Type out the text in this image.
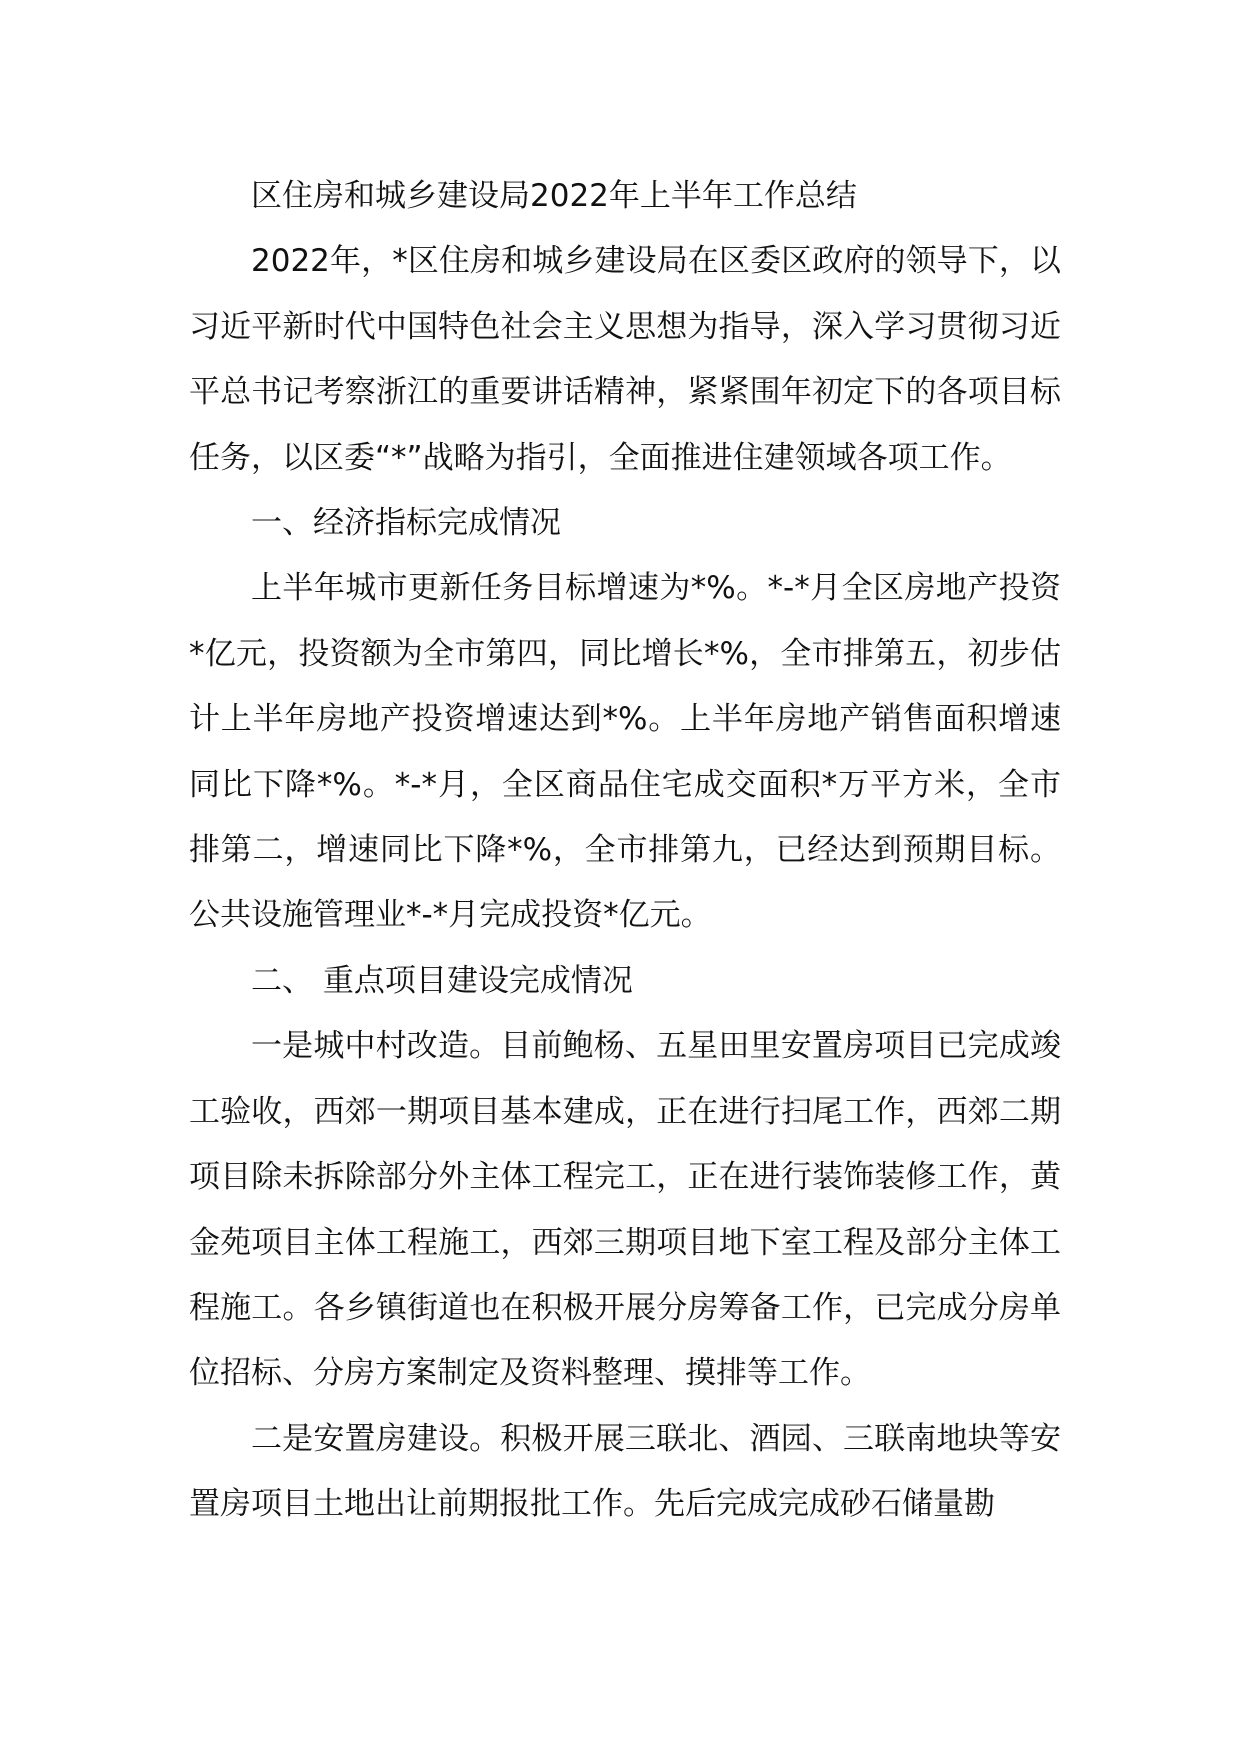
区住房和城乡建设局2022年上半年工作总结

2022年，*区住房和城乡建设局在区委区政府的领导下，以习近平新时代中国特色社会主义思想为指导，深入学习贯彻习近平总书记考察浙江的重要讲话精神，紧紧围年初定下的各项目标任务，以区委“*”战略为指引，全面推进住建领域各项工作。

一、经济指标完成情况

上半年城市更新任务目标增速为*%。*-*月全区房地产投资*亿元，投资额为全市第四，同比增长*%，全市排第五，初步估计上半年房地产投资增速达到*%。上半年房地产销售面积增速同比下降*%。*-*月，全区商品住宅成交面积*万平方米，全市排第二，增速同比下降*%，全市排第九，已经达到预期目标。公共设施管理业*-*月完成投资*亿元。

二、 重点项目建设完成情况

一是城中村改造。目前鲍杨、五星田里安置房项目已完成竣工验收，西郊一期项目基本建成，正在进行扫尾工作，西郊二期项目除未拆除部分外主体工程完工，正在进行装饰装修工作，黄金苑项目主体工程施工，西郊三期项目地下室工程及部分主体工程施工。各乡镇街道也在积极开展分房筹备工作，已完成分房单位招标、分房方案制定及资料整理、摸排等工作。

二是安置房建设。积极开展三联北、酒园、三联南地块等安置房项目土地出让前期报批工作。先后完成完成砂石储量勘
